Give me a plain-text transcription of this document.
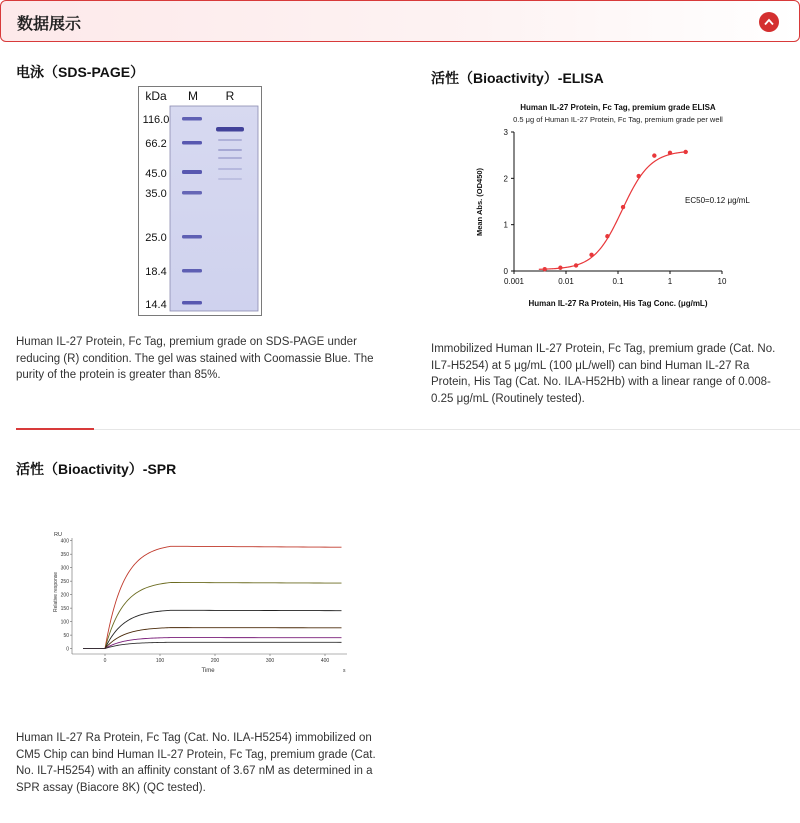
数据展示
电泳（SDS-PAGE）
kDa M R
116.0
66.2
45.0
35.0
25.0
18.4
14.4
Human IL-27 Protein, Fc Tag, premium grade on SDS-PAGE under reducing (R) condition. The gel was stained with Coomassie Blue. The purity of the protein is greater than 85%.
活性（Bioactivity）-ELISA
Human IL-27 Protein, Fc Tag, premium grade ELISA
0.5 μg of Human IL-27 Protein, Fc Tag, premium grade per well
Mean Abs. (OD450)
Human IL-27 Ra Protein, His Tag Conc. (μg/mL)
EC50=0.12 μg/mL
0
1
2
3
0.001	0.01	0.1	1	10
Immobilized Human IL-27 Protein, Fc Tag, premium grade (Cat. No. IL7-H5254) at 5 μg/mL (100 μL/well) can bind Human IL-27 Ra Protein, His Tag (Cat. No. ILA-H52Hb) with a linear range of 0.008-0.25 μg/mL (Routinely tested).
活性（Bioactivity）-SPR
RU
Relative response
Time	s
0
50
100
150
200
250
300
350
400
0	100	200	300	400
Human IL-27 Ra Protein, Fc Tag (Cat. No. ILA-H5254) immobilized on CM5 Chip can bind Human IL-27 Protein, Fc Tag, premium grade (Cat. No. IL7-H5254) with an affinity constant of 3.67 nM as determined in a SPR assay (Biacore 8K) (QC tested).
